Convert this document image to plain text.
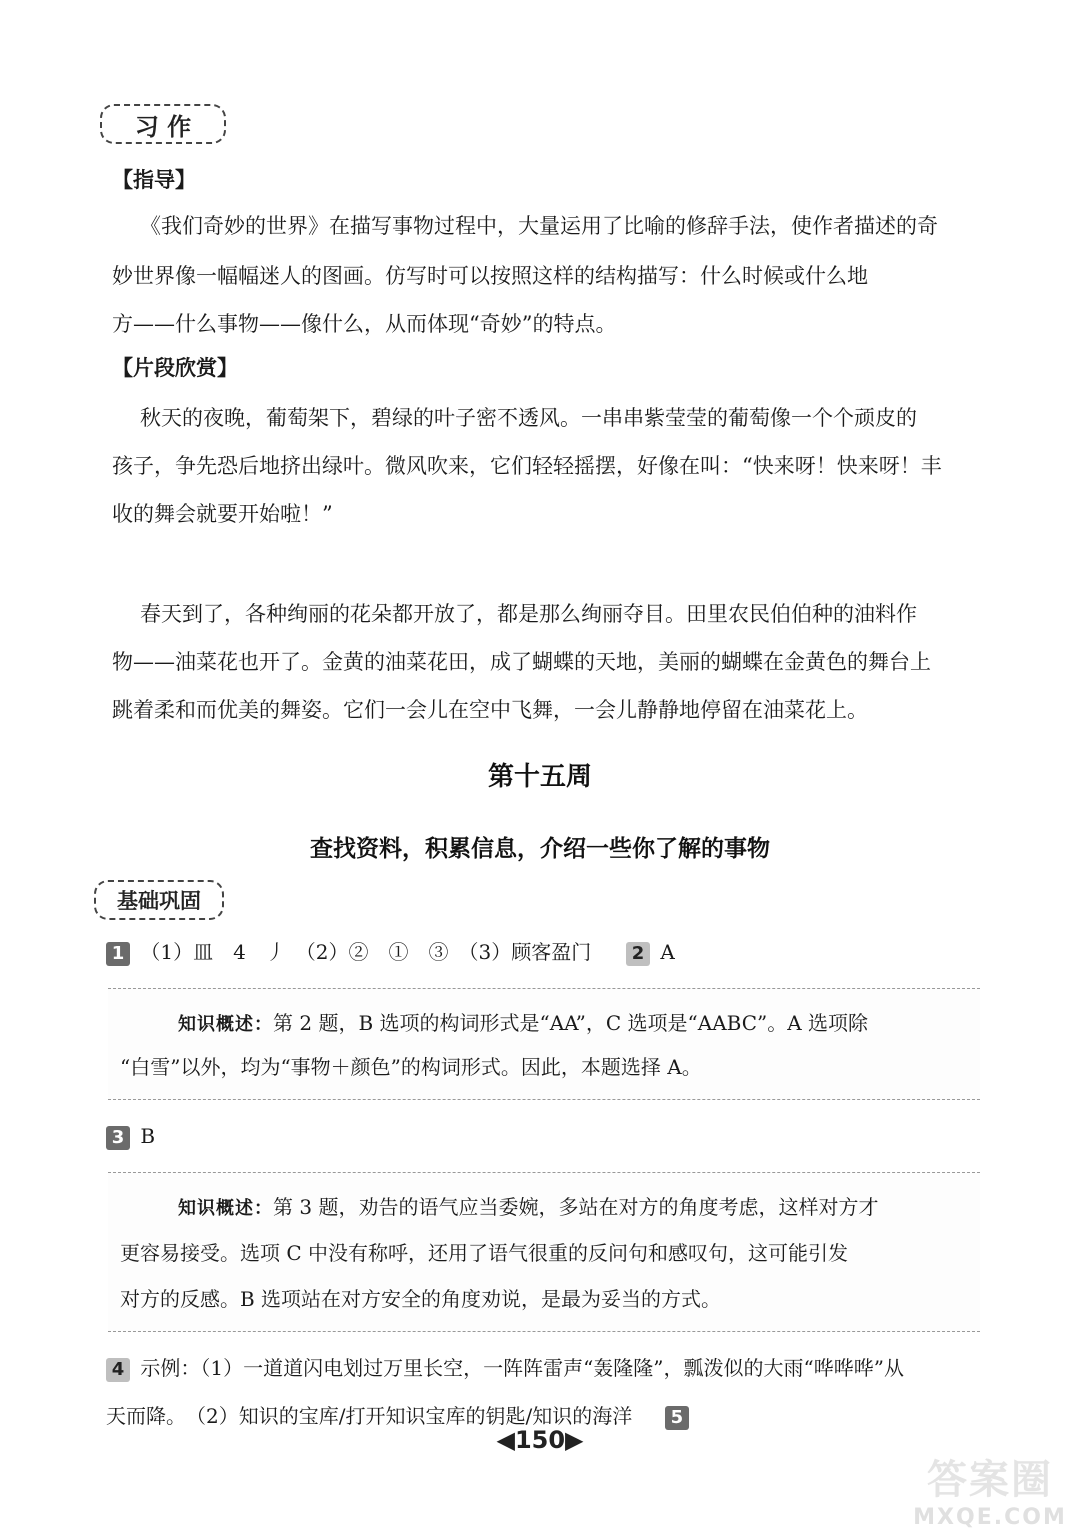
习 作
【指导】
《我们奇妙的世界》在描写事物过程中，大量运用了比喻的修辞手法，使作者描述的奇
妙世界像一幅幅迷人的图画。仿写时可以按照这样的结构描写：什么时候或什么地
方——什么事物——像什么，从而体现“奇妙”的特点。
【片段欣赏】
秋天的夜晚，葡萄架下，碧绿的叶子密不透风。一串串紫莹莹的葡萄像一个个顽皮的
孩子，争先恐后地挤出绿叶。微风吹来，它们轻轻摇摆，好像在叫：“快来呀！快来呀！丰
收的舞会就要开始啦！”
春天到了，各种绚丽的花朵都开放了，都是那么绚丽夺目。田里农民伯伯种的油料作
物——油菜花也开了。金黄的油菜花田，成了蝴蝶的天地，美丽的蝴蝶在金黄色的舞台上
跳着柔和而优美的舞姿。它们一会儿在空中飞舞，一会儿静静地停留在油菜花上。
第十五周
查找资料，积累信息，介绍一些你了解的事物
基础巩固
1 （1）皿　4　丿　（2）②　①　③　（3）顾客盈门 2 A
知识概述：第 2 题，B 选项的构词形式是“AA”，C 选项是“AABC”。A 选项除
“白雪”以外，均为“事物＋颜色”的构词形式。因此，本题选择 A。
3 B
知识概述：第 3 题，劝告的语气应当委婉，多站在对方的角度考虑，这样对方才
更容易接受。选项 C 中没有称呼，还用了语气很重的反问句和感叹句，这可能引发
对方的反感。B 选项站在对方安全的角度劝说，是最为妥当的方式。
4 示例：（1）一道道闪电划过万里长空，一阵阵雷声“轰隆隆”，瓢泼似的大雨“哗哗哗”从
天而降。　（2）知识的宝库/打开知识宝库的钥匙/知识的海洋 5
◀150▶
答案圈
MXQE.COM
